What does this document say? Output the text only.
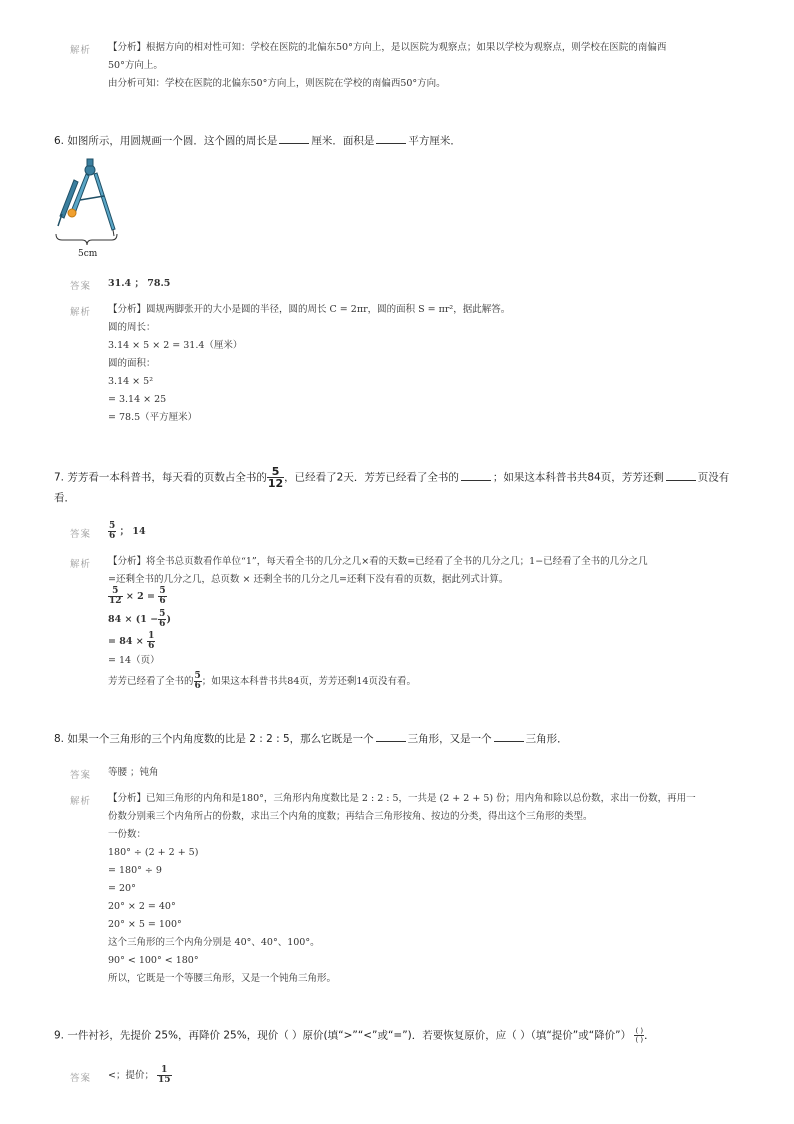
解析 【分析】根据方向的相对性可知：学校在医院的北偏东50°方向上，是以医院为观察点；如果以学校为观察点，则学校在医院的南偏西
50°方向上。
由分析可知：学校在医院的北偏东50°方向上，则医院在学校的南偏西50°方向。
6. 如图所示，用圆规画一个圆．这个圆的周长是	厘米．面积是	平方厘米．
5cm
答案 31.4 ； 78.5
解析 【分析】圆规两脚张开的大小是圆的半径，圆的周长 C = 2πr，圆的面积 S = πr²，据此解答。
圆的周长：
3.14 × 5 × 2 = 31.4（厘米）
圆的面积：
3.14 × 5²
= 3.14 × 25
= 78.5（平方厘米）
7. 芳芳看一本科普书，每天看的页数占全书的 $\frac{5}{12}$ ，已经看了2天．芳芳已经看了全书的	；如果这本科普书共84页，芳芳还剩	页没有
看．
答案 $\frac{5}{6}$ ； 14
解析 【分析】将全书总页数看作单位“1”，每天看全书的几分之几×看的天数=已经看了全书的几分之几；1−已经看了全书的几分之几
=还剩全书的几分之几，总页数 × 还剩全书的几分之几=还剩下没有看的页数，据此列式计算。
$\frac{5}{12} \times 2 = \frac{5}{6}$
$84 \times (1 - \frac{5}{6}$ )
= $84 \times \frac{1}{6}$
= 14（页）
芳芳已经看了全书的 $\frac{5}{6}$ ；如果这本科普书共84页，芳芳还剩14页没有看。
8. 如果一个三角形的三个内角度数的比是 2 : 2 : 5，那么它既是一个	三角形，又是一个	三角形．
答案 等腰 ；钝角
解析 【分析】已知三角形的内角和是180°，三角形内角度数比是 2 : 2 : 5，一共是 (2 + 2 + 5) 份；用内角和除以总份数，求出一份数，再用一
份数分别乘三个内角所占的份数，求出三个内角的度数；再结合三角形按角、按边的分类，得出这个三角形的类型。
一份数：
180° ÷ (2 + 2 + 5)
= 180° ÷ 9
= 20°
20° × 2 = 40°
20° × 5 = 100°
这个三角形的三个内角分别是 40°、40°、100°。
90° < 100° < 180°
所以，它既是一个等腰三角形，又是一个钝角三角形。
9. 一件衬衫，先提价 25%，再降价 25%，现价（ ）原价(填“>”“<”或“=”)．若要恢复原价，应（ ）（填“提价”或“降价”） $\frac{( )}{( )}$ ．
答案 <；提价； $\frac{1}{15}$
